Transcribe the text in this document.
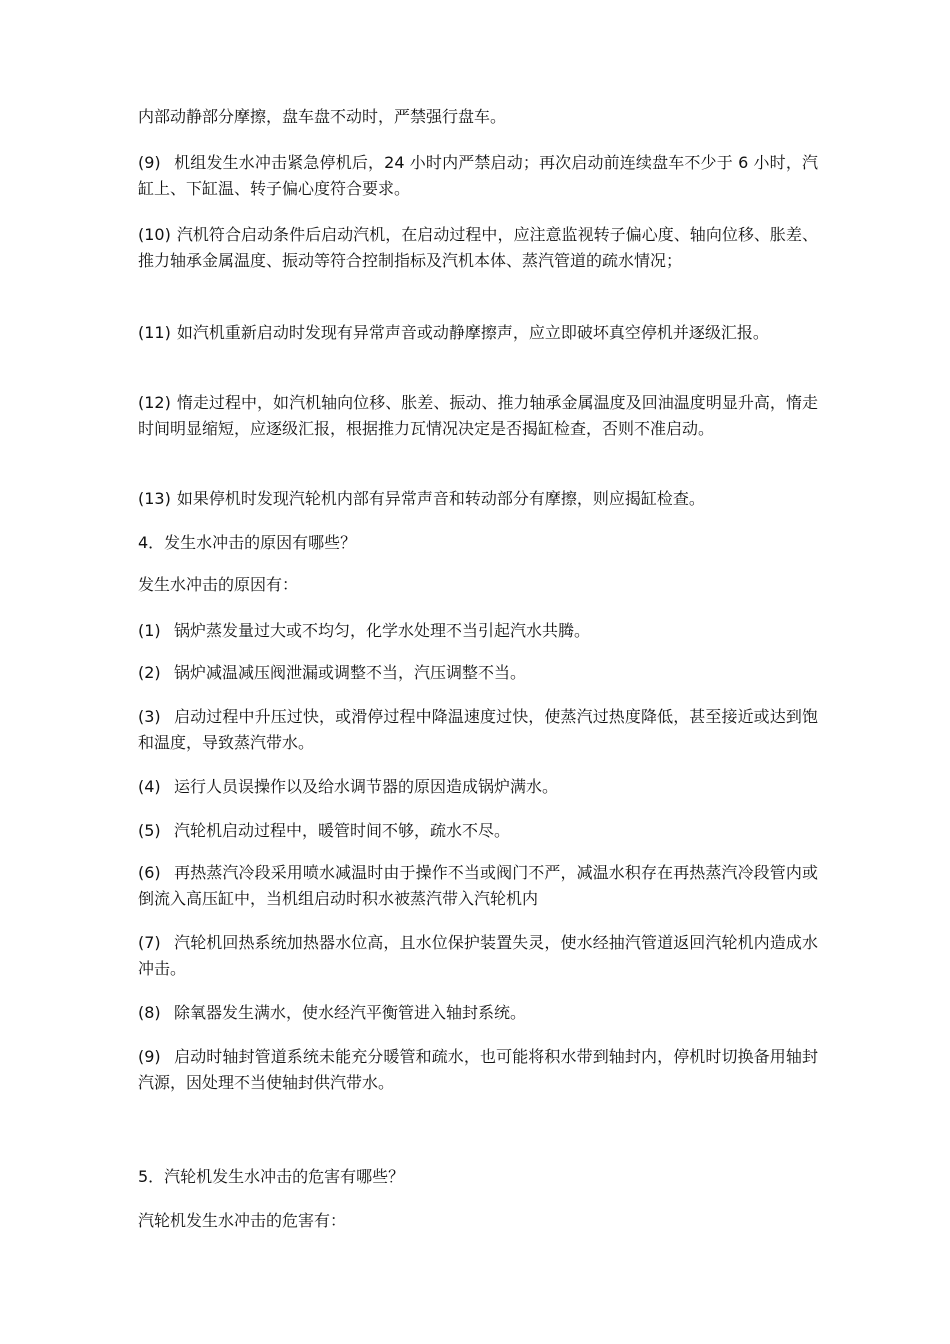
内部动静部分摩擦，盘车盘不动时，严禁强行盘车。

(9) 机组发生水冲击紧急停机后，24 小时内严禁启动；再次启动前连续盘车不少于 6 小时，汽缸上、下缸温、转子偏心度符合要求。

(10) 汽机符合启动条件后启动汽机，在启动过程中，应注意监视转子偏心度、轴向位移、胀差、推力轴承金属温度、振动等符合控制指标及汽机本体、蒸汽管道的疏水情况；

(11) 如汽机重新启动时发现有异常声音或动静摩擦声，应立即破坏真空停机并逐级汇报。

(12) 惰走过程中，如汽机轴向位移、胀差、振动、推力轴承金属温度及回油温度明显升高，惰走时间明显缩短，应逐级汇报，根据推力瓦情况决定是否揭缸检查，否则不准启动。

(13) 如果停机时发现汽轮机内部有异常声音和转动部分有摩擦，则应揭缸检查。

4．发生水冲击的原因有哪些？

发生水冲击的原因有：

(1) 锅炉蒸发量过大或不均匀，化学水处理不当引起汽水共腾。

(2) 锅炉减温减压阀泄漏或调整不当，汽压调整不当。

(3) 启动过程中升压过快，或滑停过程中降温速度过快，使蒸汽过热度降低，甚至接近或达到饱和温度，导致蒸汽带水。

(4) 运行人员误操作以及给水调节器的原因造成锅炉满水。

(5) 汽轮机启动过程中，暖管时间不够，疏水不尽。

(6) 再热蒸汽冷段采用喷水减温时由于操作不当或阀门不严，减温水积存在再热蒸汽冷段管内或倒流入高压缸中，当机组启动时积水被蒸汽带入汽轮机内

(7) 汽轮机回热系统加热器水位高，且水位保护装置失灵，使水经抽汽管道返回汽轮机内造成水冲击。

(8) 除氧器发生满水，使水经汽平衡管进入轴封系统。

(9) 启动时轴封管道系统未能充分暖管和疏水，也可能将积水带到轴封内，停机时切换备用轴封汽源，因处理不当使轴封供汽带水。

5．汽轮机发生水冲击的危害有哪些？

汽轮机发生水冲击的危害有：
